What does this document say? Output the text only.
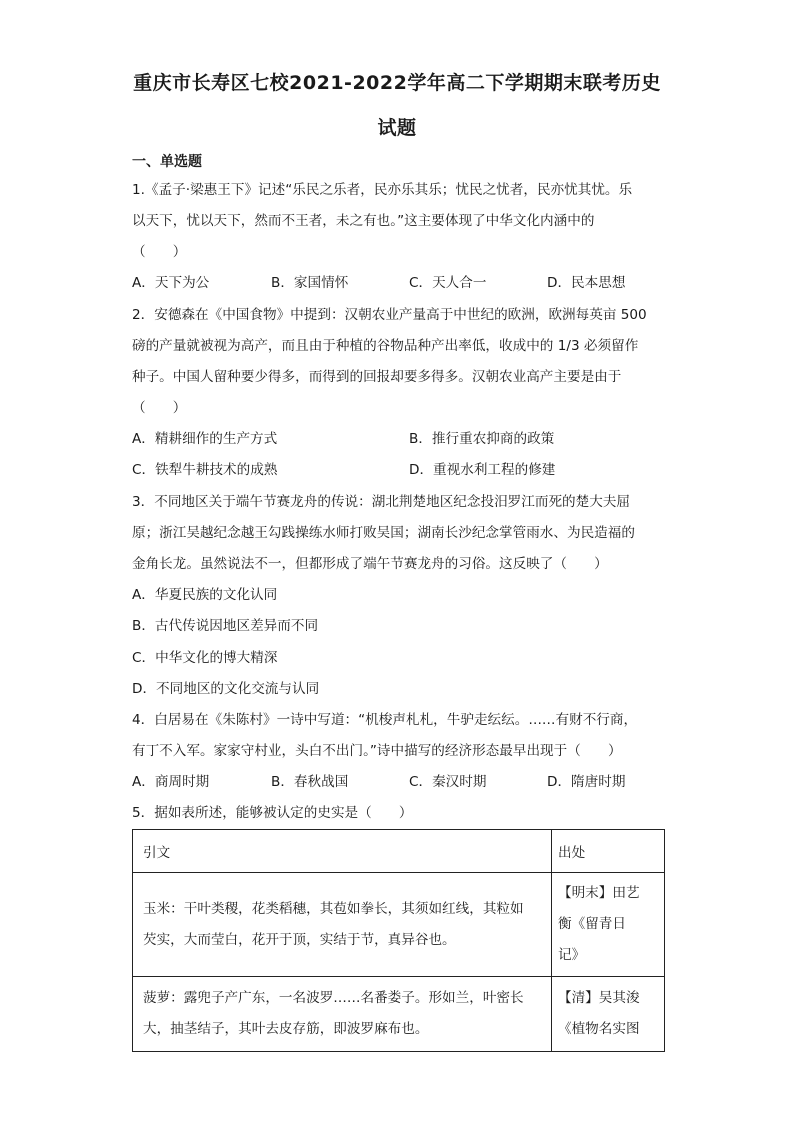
重庆市长寿区七校2021-2022学年高二下学期期末联考历史
试题
一、单选题
1.《孟子·梁惠王下》记述“乐民之乐者，民亦乐其乐；忧民之忧者，民亦忧其忧。乐
以天下，忧以天下，然而不王者，未之有也。”这主要体现了中华文化内涵中的
（　　）
A．天下为公	B．家国情怀	C．天人合一	D．民本思想
2．安德森在《中国食物》中提到：汉朝农业产量高于中世纪的欧洲，欧洲每英亩 500
磅的产量就被视为高产，而且由于种植的谷物品种产出率低，收成中的 1/3 必须留作
种子。中国人留种要少得多，而得到的回报却要多得多。汉朝农业高产主要是由于
（　　）
A．精耕细作的生产方式	B．推行重农抑商的政策
C．铁犁牛耕技术的成熟	D．重视水利工程的修建
3．不同地区关于端午节赛龙舟的传说：湖北荆楚地区纪念投汨罗江而死的楚大夫屈
原；浙江吴越纪念越王勾践操练水师打败吴国；湖南长沙纪念掌管雨水、为民造福的
金角长龙。虽然说法不一，但都形成了端午节赛龙舟的习俗。这反映了（　　）
A．华夏民族的文化认同
B．古代传说因地区差异而不同
C．中华文化的博大精深
D．不同地区的文化交流与认同
4．白居易在《朱陈村》一诗中写道：“机梭声札札，牛驴走纭纭。……有财不行商，
有丁不入军。家家守村业，头白不出门。”诗中描写的经济形态最早出现于（　　）
A．商周时期	B．春秋战国	C．秦汉时期	D．隋唐时期
5．据如表所述，能够被认定的史实是（　　）
引文	出处

玉米：干叶类稷，花类稻穗，其苞如拳长，其须如红线，其粒如
芡实，大而莹白，花开于顶，实结于节，真异谷也。	【明末】田艺
衡《留青日
记》

菠萝：露兜子产广东，一名波罗……名番娄子。形如兰，叶密长
大，抽茎结子，其叶去皮存筋，即波罗麻布也。	【清】吴其浚
《植物名实图
